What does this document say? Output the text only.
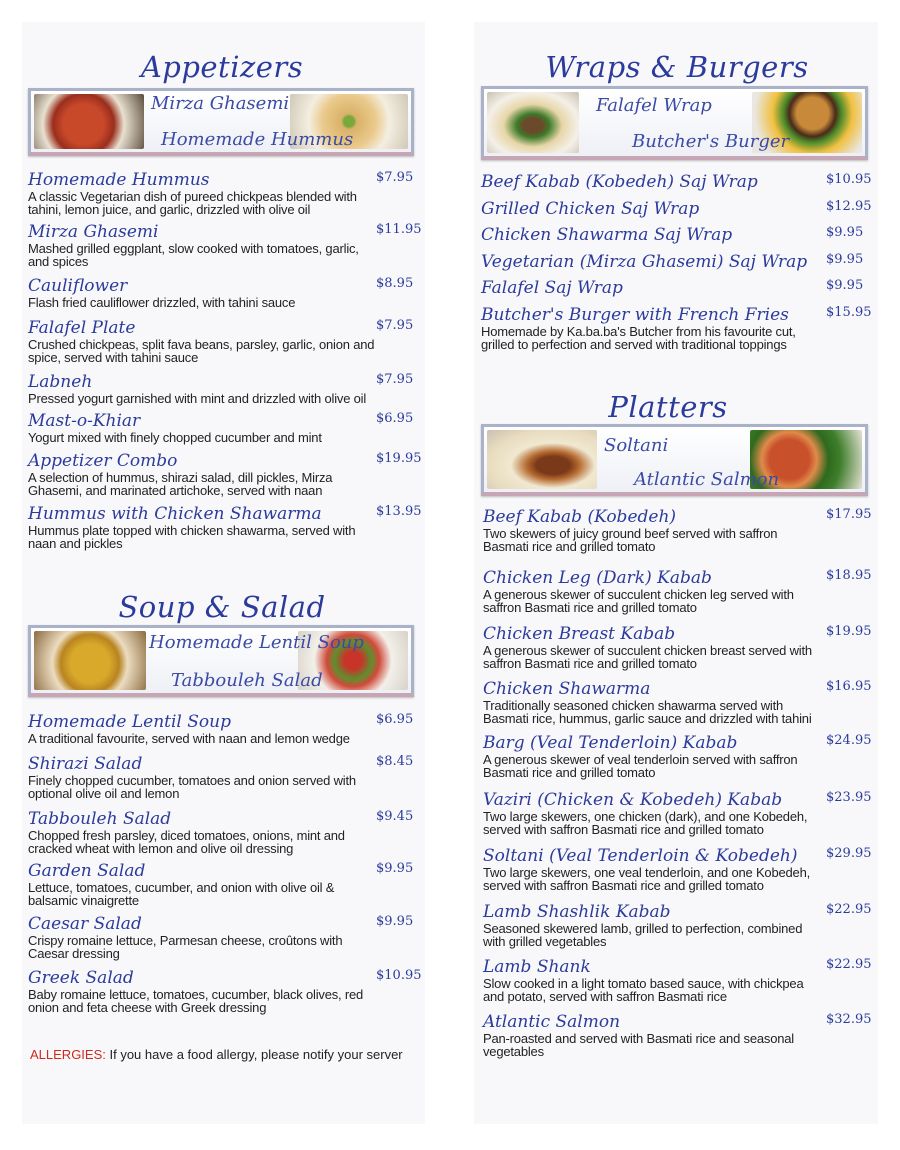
Appetizers

Mirza Ghasemi

Homemade Hummus

Homemade Hummus	$7.95

A classic Vegetarian dish of pureed chickpeas blended with tahini, lemon juice, and garlic, drizzled with olive oil

Mirza Ghasemi	$11.95

Mashed grilled eggplant, slow cooked with tomatoes, garlic, and spices

Cauliflower	$8.95

Flash fried cauliflower drizzled, with tahini sauce

Falafel Plate	$7.95

Crushed chickpeas, split fava beans, parsley, garlic, onion and spice, served with tahini sauce

Labneh	$7.95

Pressed yogurt garnished with mint and drizzled with olive oil

Mast-o-Khiar	$6.95

Yogurt mixed with finely chopped cucumber and mint

Appetizer Combo	$19.95

A selection of hummus, shirazi salad, dill pickles, Mirza Ghasemi, and marinated artichoke, served with naan

Hummus with Chicken Shawarma	$13.95

Hummus plate topped with chicken shawarma, served with naan and pickles

Soup & Salad

Homemade Lentil Soup

Tabbouleh Salad

Homemade Lentil Soup	$6.95

A traditional favourite, served with naan and lemon wedge

Shirazi Salad	$8.45

Finely chopped cucumber, tomatoes and onion served with optional olive oil and lemon

Tabbouleh Salad	$9.45

Chopped fresh parsley, diced tomatoes, onions, mint and cracked wheat with lemon and olive oil dressing

Garden Salad	$9.95

Lettuce, tomatoes, cucumber, and onion with olive oil & balsamic vinaigrette

Caesar Salad	$9.95

Crispy romaine lettuce, Parmesan cheese, croûtons with Caesar dressing

Greek Salad	$10.95

Baby romaine lettuce, tomatoes, cucumber, black olives, red onion and feta cheese with Greek dressing

ALLERGIES: If you have a food allergy, please notify your server

Wraps & Burgers

Falafel Wrap

Butcher's Burger

Beef Kabab (Kobedeh) Saj Wrap	$10.95

Grilled Chicken Saj Wrap	$12.95

Chicken Shawarma Saj Wrap	$9.95

Vegetarian (Mirza Ghasemi) Saj Wrap	$9.95

Falafel Saj Wrap	$9.95

Butcher's Burger with French Fries	$15.95

Homemade by Ka.ba.ba's Butcher from his favourite cut, grilled to perfection and served with traditional toppings

Platters

Soltani

Atlantic Salmon

Beef Kabab (Kobedeh)	$17.95

Two skewers of juicy ground beef served with saffron Basmati rice and grilled tomato

Chicken Leg (Dark) Kabab	$18.95

A generous skewer of succulent chicken leg served with saffron Basmati rice and grilled tomato

Chicken Breast Kabab	$19.95

A generous skewer of succulent chicken breast served with saffron Basmati rice and grilled tomato

Chicken Shawarma	$16.95

Traditionally seasoned chicken shawarma served with Basmati rice, hummus, garlic sauce and drizzled with tahini

Barg (Veal Tenderloin) Kabab	$24.95

A generous skewer of veal tenderloin served with saffron Basmati rice and grilled tomato

Vaziri (Chicken & Kobedeh) Kabab	$23.95

Two large skewers, one chicken (dark), and one Kobedeh, served with saffron Basmati rice and grilled tomato

Soltani (Veal Tenderloin & Kobedeh)	$29.95

Two large skewers, one veal tenderloin, and one Kobedeh, served with saffron Basmati rice and grilled tomato

Lamb Shashlik Kabab	$22.95

Seasoned skewered lamb, grilled to perfection, combined with grilled vegetables

Lamb Shank	$22.95

Slow cooked in a light tomato based sauce, with chickpea and potato, served with saffron Basmati rice

Atlantic Salmon	$32.95

Pan-roasted and served with Basmati rice and seasonal vegetables
